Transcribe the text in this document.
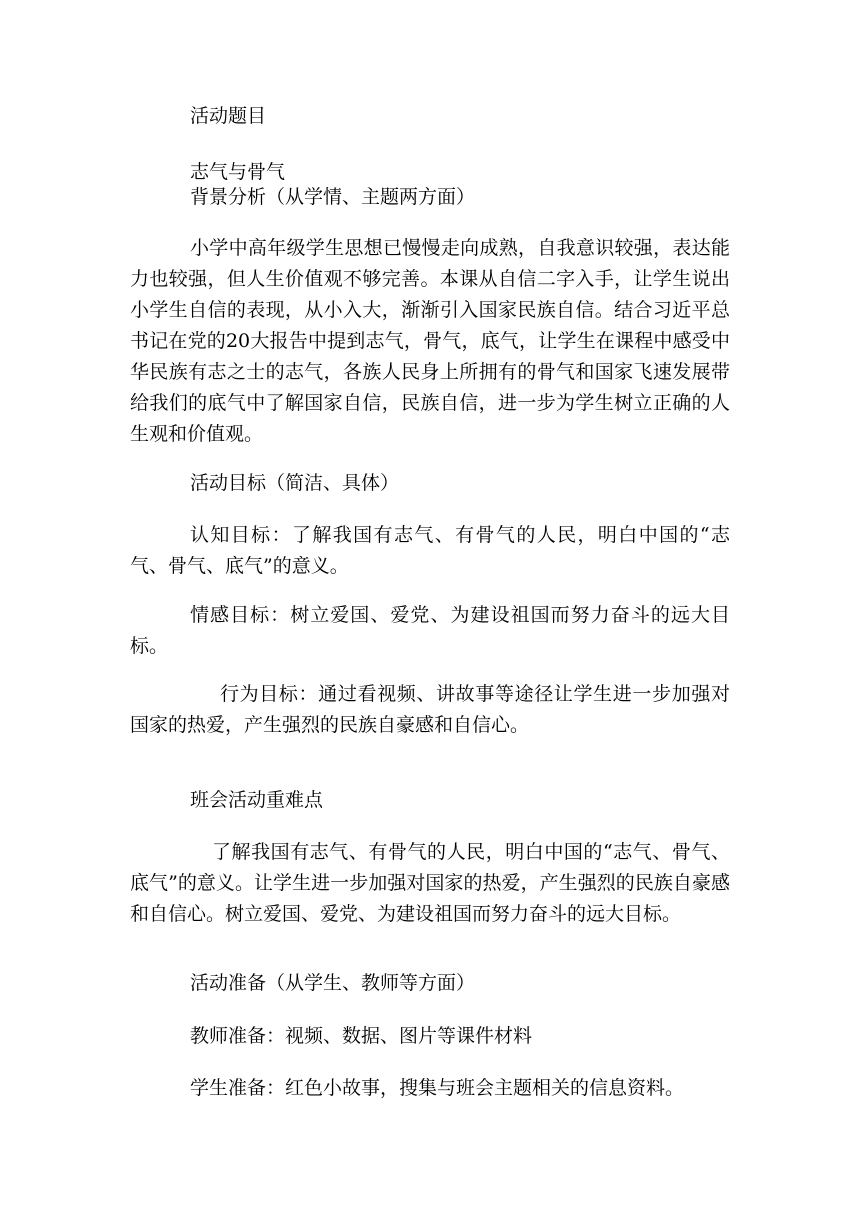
活动题目
志气与骨气
背景分析（从学情、主题两方面）
小学中高年级学生思想已慢慢走向成熟，自我意识较强，表达能力也较强，但人生价值观不够完善。本课从自信二字入手，让学生说出小学生自信的表现，从小入大，渐渐引入国家民族自信。结合习近平总书记在党的20大报告中提到志气，骨气，底气，让学生在课程中感受中华民族有志之士的志气，各族人民身上所拥有的骨气和国家飞速发展带给我们的底气中了解国家自信，民族自信，进一步为学生树立正确的人生观和价值观。
活动目标（简洁、具体）
认知目标：了解我国有志气、有骨气的人民，明白中国的“志气、骨气、底气”的意义。
情感目标：树立爱国、爱党、为建设祖国而努力奋斗的远大目标。
行为目标：通过看视频、讲故事等途径让学生进一步加强对国家的热爱，产生强烈的民族自豪感和自信心。
班会活动重难点
了解我国有志气、有骨气的人民，明白中国的“志气、骨气、底气”的意义。让学生进一步加强对国家的热爱，产生强烈的民族自豪感和自信心。树立爱国、爱党、为建设祖国而努力奋斗的远大目标。
活动准备（从学生、教师等方面）
教师准备：视频、数据、图片等课件材料
学生准备：红色小故事，搜集与班会主题相关的信息资料。
